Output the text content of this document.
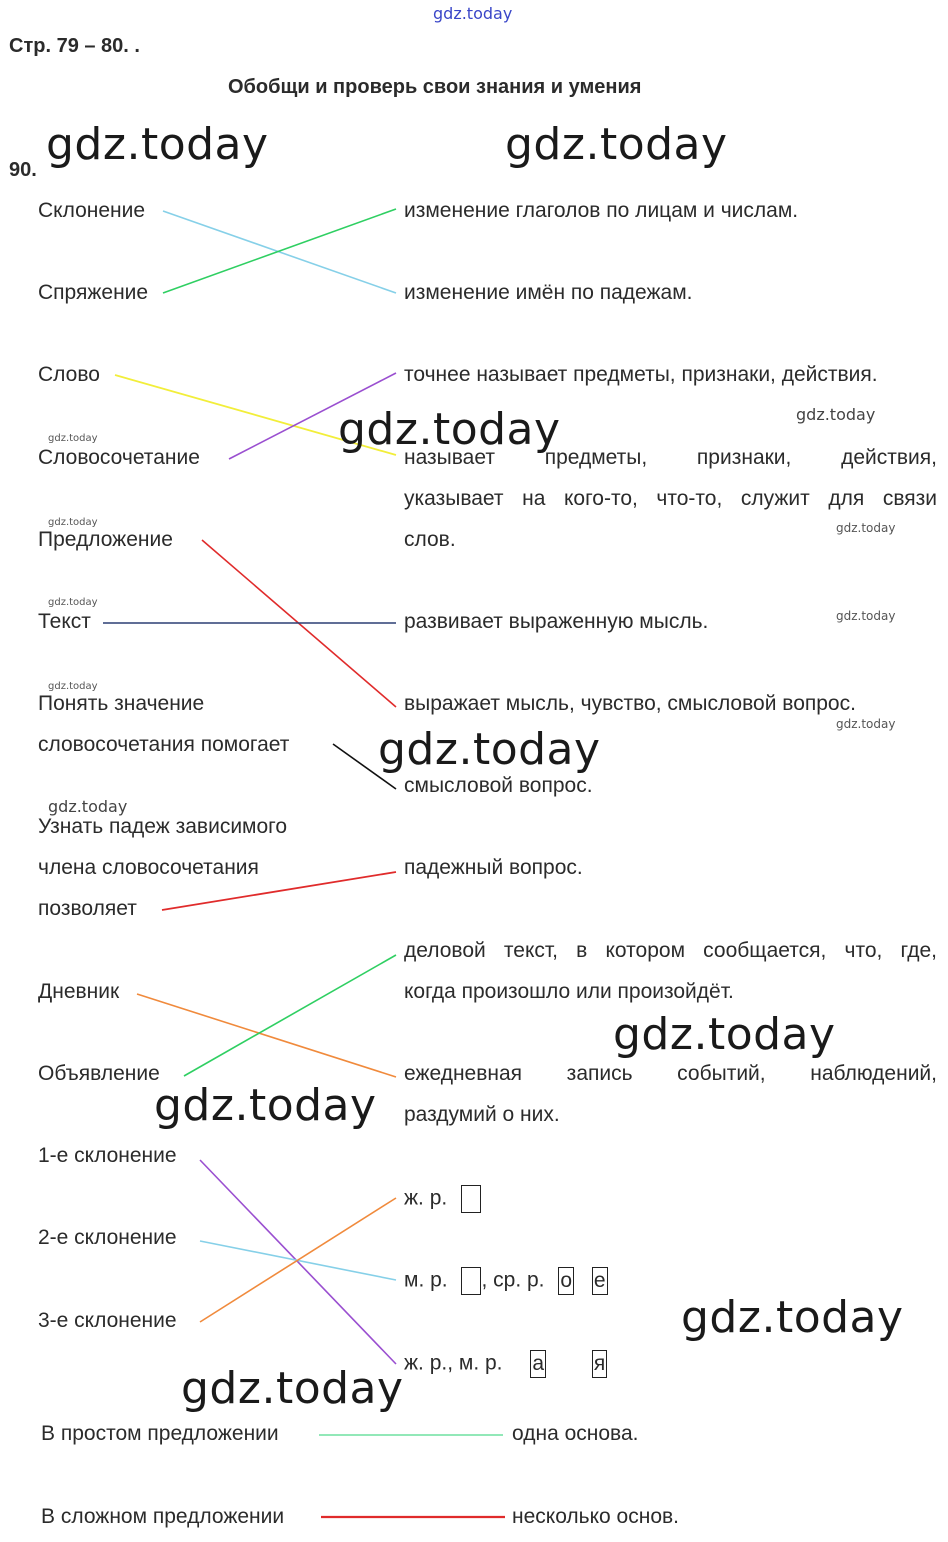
gdz.today
Стр. 79 – 80. .
Обобщи и проверь свои знания и умения
90. gdz.today	gdz.today
gdz.today
gdz.today
gdz.today
gdz.today
gdz.today
gdz.today
gdz.today
gdz.today
gdz.today
gdz.today
gdz.today
gdz.today
gdz.today
gdz.today
gdz.today
Склонение
Спряжение
Слово
Словосочетание
Предложение
Текст
Понять значение
словосочетания помогает
Узнать падеж зависимого
члена словосочетания
позволяет
Дневник
Объявление
1-е склонение
2-е склонение
3-е склонение
В простом предложении
В сложном предложении
изменение глаголов по лицам и числам.
изменение имён по падежам.
точнее называет предметы, признаки, действия.
называет предметы, признаки, действия,
указывает на кого-то, что-то, служит для связи
слов.
развивает выраженную мысль.
выражает мысль, чувство, смысловой вопрос.
смысловой вопрос.
падежный вопрос.
деловой текст, в котором сообщается, что, где,
когда произошло или произойдёт.
ежедневная запись событий, наблюдений,
раздумий о них.
ж. р.
м. р. , ср. р. о е
ж. р., м. р. а я
одна основа.
несколько основ.
